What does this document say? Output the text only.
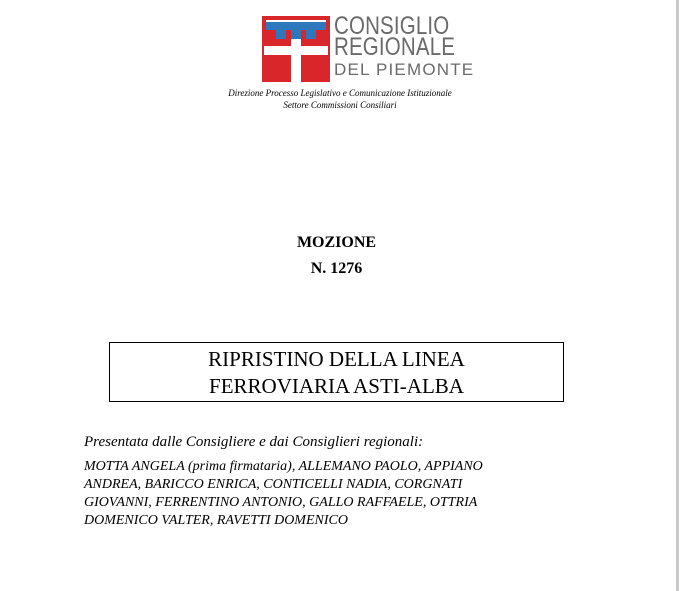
CONSIGLIO
REGIONALE
DEL PIEMONTE
Direzione Processo Legislativo e Comunicazione Istituzionale
Settore Commissioni Consiliari
MOZIONE
N. 1276
RIPRISTINO DELLA LINEA
FERROVIARIA ASTI-ALBA
Presentata dalle Consigliere e dai Consiglieri regionali:
MOTTA ANGELA (prima firmataria), ALLEMANO PAOLO, APPIANO
ANDREA, BARICCO ENRICA, CONTICELLI NADIA, CORGNATI
GIOVANNI, FERRENTINO ANTONIO, GALLO RAFFAELE, OTTRIA
DOMENICO VALTER, RAVETTI DOMENICO
